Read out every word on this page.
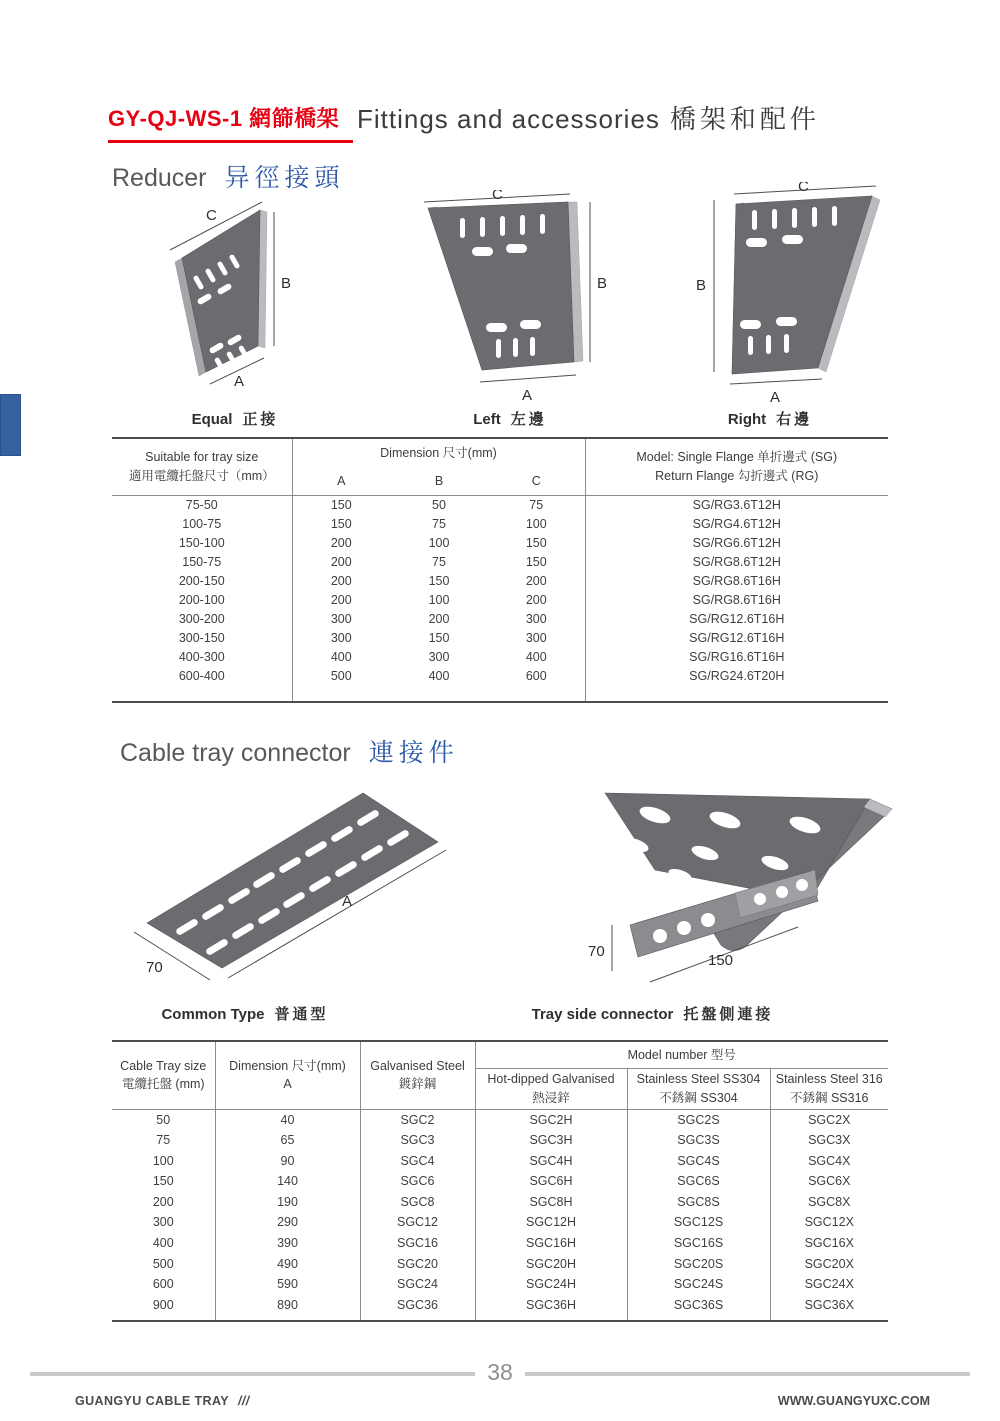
GY-QJ-WS-1 網篩橋架 Fittings and accessories 橋架和配件
Reducer 异徑接頭
C
B
A
C
B
A
C
B
A
Equal 正接	Left 左邊	Right 右邊
Suitable for tray size
適用電纜托盤尺寸（mm）
	Dimension 尺寸(mm)	Model: Single Flange 单折邊式 (SG)
Return Flange 勾折邊式 (RG)

	A	B	C	
75-50	150	50	75	SG/RG3.6T12H
100-75	150	75	100	SG/RG4.6T12H
150-100	200	100	150	SG/RG6.6T12H
150-75	200	75	150	SG/RG8.6T12H
200-150	200	150	200	SG/RG8.6T16H
200-100	200	100	200	SG/RG8.6T16H
300-200	300	200	300	SG/RG12.6T16H
300-150	300	150	300	SG/RG12.6T16H
400-300	400	300	400	SG/RG16.6T16H
600-400	500	400	600	SG/RG24.6T20H
Cable tray connector 連接件
70
A
70
150
Common Type 普通型	Tray side connector 托盤側連接
Cable Tray size
電纜托盤 (mm)

Dimension 尺寸(mm)
A

Galvanised Steel
鍍鋅鋼
	Model number 型号

Hot-dipped Galvanised
熱浸鋅

Stainless Steel SS304
不銹鋼 SS304

Stainless Steel 316
不銹鋼 SS316

50	40	SGC2	SGC2H	SGC2S	SGC2X
75	65	SGC3	SGC3H	SGC3S	SGC3X
100	90	SGC4	SGC4H	SGC4S	SGC4X
150	140	SGC6	SGC6H	SGC6S	SGC6X
200	190	SGC8	SGC8H	SGC8S	SGC8X
300	290	SGC12	SGC12H	SGC12S	SGC12X
400	390	SGC16	SGC16H	SGC16S	SGC16X
500	490	SGC20	SGC20H	SGC20S	SGC20X
600	590	SGC24	SGC24H	SGC24S	SGC24X
900	890	SGC36	SGC36H	SGC36S	SGC36X
38
GUANGYU CABLE TRAY ///	WWW.GUANGYUXC.COM
